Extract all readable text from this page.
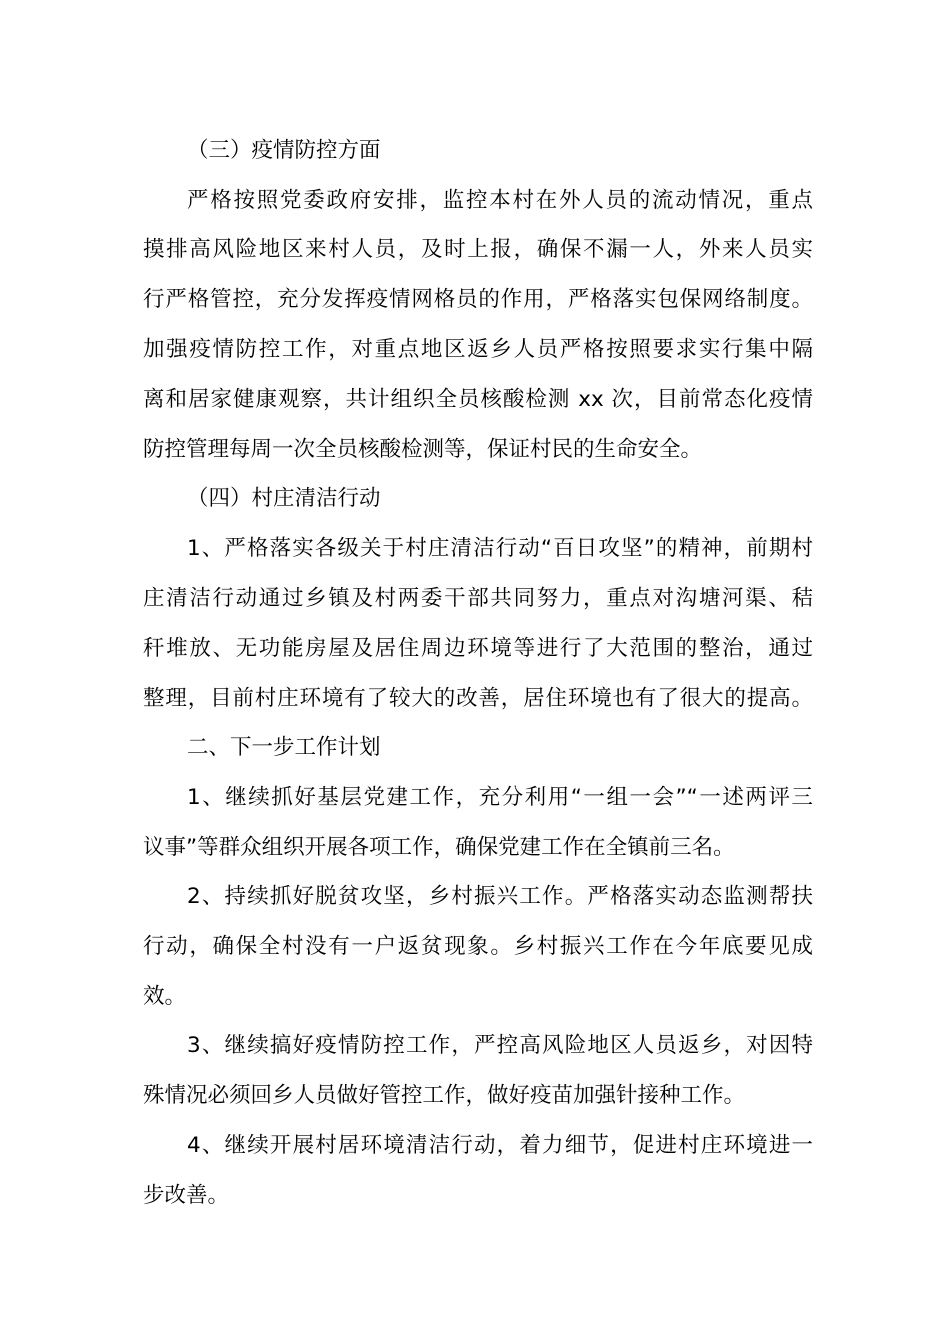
（三）疫情防控方面
严格按照党委政府安排，监控本村在外人员的流动情况，重点
摸排高风险地区来村人员，及时上报，确保不漏一人，外来人员实
行严格管控，充分发挥疫情网格员的作用，严格落实包保网络制度。
加强疫情防控工作，对重点地区返乡人员严格按照要求实行集中隔
离和居家健康观察，共计组织全员核酸检测 xx 次，目前常态化疫情
防控管理每周一次全员核酸检测等，保证村民的生命安全。
（四）村庄清洁行动
1、严格落实各级关于村庄清洁行动“百日攻坚”的精神，前期村
庄清洁行动通过乡镇及村两委干部共同努力，重点对沟塘河渠、秸
秆堆放、无功能房屋及居住周边环境等进行了大范围的整治，通过
整理，目前村庄环境有了较大的改善，居住环境也有了很大的提高。
二、下一步工作计划
1、继续抓好基层党建工作，充分利用“一组一会”“一述两评三
议事”等群众组织开展各项工作，确保党建工作在全镇前三名。
2、持续抓好脱贫攻坚，乡村振兴工作。严格落实动态监测帮扶
行动，确保全村没有一户返贫现象。乡村振兴工作在今年底要见成
效。
3、继续搞好疫情防控工作，严控高风险地区人员返乡，对因特
殊情况必须回乡人员做好管控工作，做好疫苗加强针接种工作。
4、继续开展村居环境清洁行动，着力细节，促进村庄环境进一
步改善。
